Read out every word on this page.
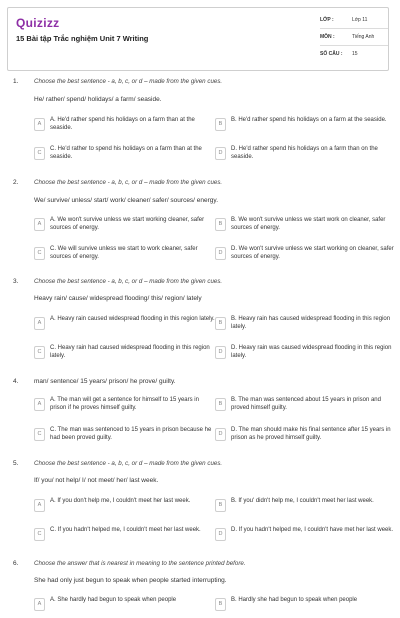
Quizizz
15 Bài tập Trắc nghiệm Unit 7 Writing
LỚP :	Lớp 11
MÔN :	Tiếng Anh
SỐ CÂU :	15
1.	Choose the best sentence - a, b, c, or d – made from the given cues.
He/ rather/ spend/ holidays/ a farm/ seaside.
A
A. He'd rather spend his holidays on a farm than at the seaside.
B
B. He'd rather spend his holidays on a farm at the seaside.
C
C. He'd rather to spend his holidays on a farm than at the seaside.
D
D. He'd rather spend his holidays on a farm than on the seaside.
2.	Choose the best sentence - a, b, c, or d – made from the given cues.
We/ survive/ unless/ start/ work/ cleaner/ safer/ sources/ energy.
A
A. We won't survive unless we start working cleaner, safer sources of energy.
B
B. We won't survive unless we start work on cleaner, safer sources of energy.
C
C. We will survive unless we start to work cleaner, safer sources of energy.
D
D. We won't survive unless we start working on cleaner, safer sources of energy.
3.	Choose the best sentence - a, b, c, or d – made from the given cues.
Heavy rain/ cause/ widespread flooding/ this/ region/ lately
A
A. Heavy rain caused widespread flooding in this region lately.
B
B. Heavy rain has caused widespread flooding in this region lately.
C
C. Heavy rain had caused widespread flooding in this region lately.
D
D. Heavy rain was caused widespread flooding in this region lately.
4. man/ sentence/ 15 years/ prison/ he prove/ guilty.
A
A. The man will get a sentence for himself to 15 years in prison if he proves himself guilty.
B
B. The man was sentenced about 15 years in prison and proved himself guilty.
C
C. The man was sentenced to 15 years in prison because he had been proved guilty.
D
D. The man should make his final sentence after 15 years in prison as he proved himself guilty.
5.	Choose the best sentence - a, b, c, or d – made from the given cues.
If/ you/ not help/ I/ not meet/ her/ last week.
A
A. If you don't help me, I couldn't meet her last week.
B
B. If you' didn't help me, I couldn't meet her last week.
C
C. If you hadn't helped me, I couldn't meet her last week.
D
D. If you hadn't helped me, I couldn't have met her last week.
6.	Choose the answer that is nearest in meaning to the sentence printed before.
She had only just begun to speak when people started interrupting.
A
A. She hardly had begun to speak when people
B
B. Hardly she had begun to speak when people
